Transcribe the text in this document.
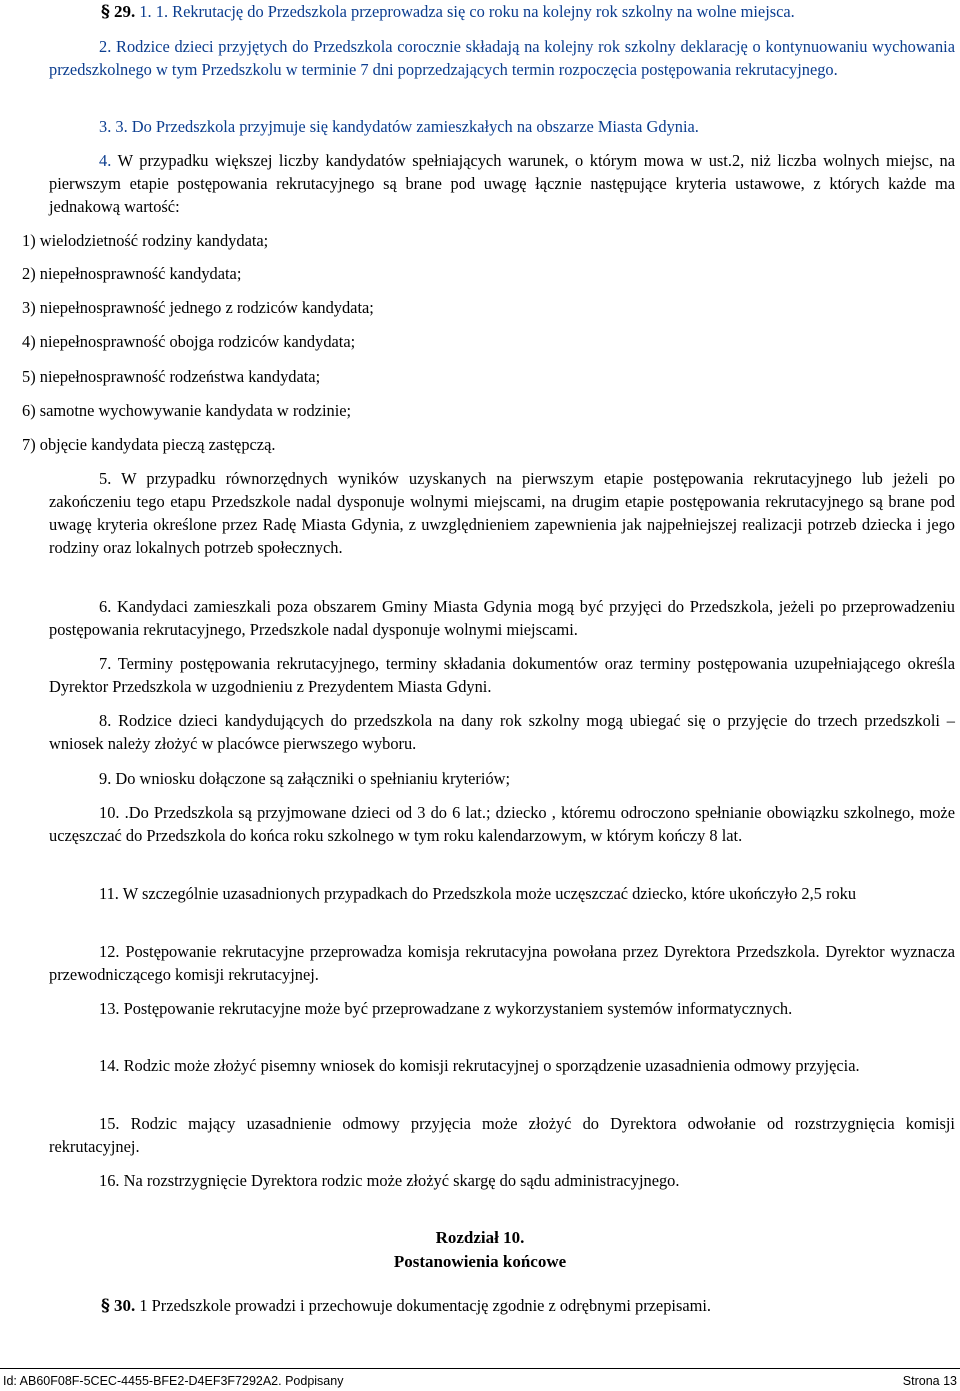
§ 29. 1. 1. Rekrutację do Przedszkola przeprowadza się co roku na kolejny rok szkolny na wolne miejsca.

2. Rodzice dzieci przyjętych do Przedszkola corocznie składają na kolejny rok szkolny deklarację o kontynuowaniu wychowania przedszkolnego w tym Przedszkolu w terminie 7 dni poprzedzających termin rozpoczęcia postępowania rekrutacyjnego.

3. 3. Do Przedszkola przyjmuje się kandydatów zamieszkałych na obszarze Miasta Gdynia.

4. W przypadku większej liczby kandydatów spełniających warunek, o którym mowa w ust.2, niż liczba wolnych miejsc, na pierwszym etapie postępowania rekrutacyjnego są brane pod uwagę łącznie następujące kryteria ustawowe, z których każde ma jednakową wartość:

1) wielodzietność rodziny kandydata;

2) niepełnosprawność kandydata;

3) niepełnosprawność jednego z rodziców kandydata;

4) niepełnosprawność obojga rodziców kandydata;

5) niepełnosprawność rodzeństwa kandydata;

6) samotne wychowywanie kandydata w rodzinie;

7) objęcie kandydata pieczą zastępczą.

5. W przypadku równorzędnych wyników uzyskanych na pierwszym etapie postępowania rekrutacyjnego lub jeżeli po zakończeniu tego etapu Przedszkole nadal dysponuje wolnymi miejscami, na drugim etapie postępowania rekrutacyjnego są brane pod uwagę kryteria określone przez Radę Miasta Gdynia, z uwzględnieniem zapewnienia jak najpełniejszej realizacji potrzeb dziecka i jego rodziny oraz lokalnych potrzeb społecznych.

6. Kandydaci zamieszkali poza obszarem Gminy Miasta Gdynia mogą być przyjęci do Przedszkola, jeżeli po przeprowadzeniu postępowania rekrutacyjnego, Przedszkole nadal dysponuje wolnymi miejscami.

7. Terminy postępowania rekrutacyjnego, terminy składania dokumentów oraz terminy postępowania uzupełniającego określa Dyrektor Przedszkola w uzgodnieniu z Prezydentem Miasta Gdyni.

8. Rodzice dzieci kandydujących do przedszkola na dany rok szkolny mogą ubiegać się o przyjęcie do trzech przedszkoli – wniosek należy złożyć w placówce pierwszego wyboru.

9. Do wniosku dołączone są załączniki o spełnianiu kryteriów;

10. .Do Przedszkola są przyjmowane dzieci od 3 do 6 lat.; dziecko , któremu odroczono spełnianie obowiązku szkolnego, może uczęszczać do Przedszkola do końca roku szkolnego w tym roku kalendarzowym, w którym kończy 8 lat.

11. W szczególnie uzasadnionych przypadkach do Przedszkola może uczęszczać dziecko, które ukończyło 2,5 roku

12. Postępowanie rekrutacyjne przeprowadza komisja rekrutacyjna powołana przez Dyrektora Przedszkola. Dyrektor wyznacza przewodniczącego komisji rekrutacyjnej.

13. Postępowanie rekrutacyjne może być przeprowadzane z wykorzystaniem systemów informatycznych.

14. Rodzic może złożyć pisemny wniosek do komisji rekrutacyjnej o sporządzenie uzasadnienia odmowy przyjęcia.

15. Rodzic mający uzasadnienie odmowy przyjęcia może złożyć do Dyrektora odwołanie od rozstrzygnięcia komisji rekrutacyjnej.

16. Na rozstrzygnięcie Dyrektora rodzic może złożyć skargę do sądu administracyjnego.

Rozdział 10.
Postanowienia końcowe

§ 30. 1 Przedszkole prowadzi i przechowuje dokumentację zgodnie z odrębnymi przepisami.

Id: AB60F08F-5CEC-4455-BFE2-D4EF3F7292A2. Podpisany	Strona 13
